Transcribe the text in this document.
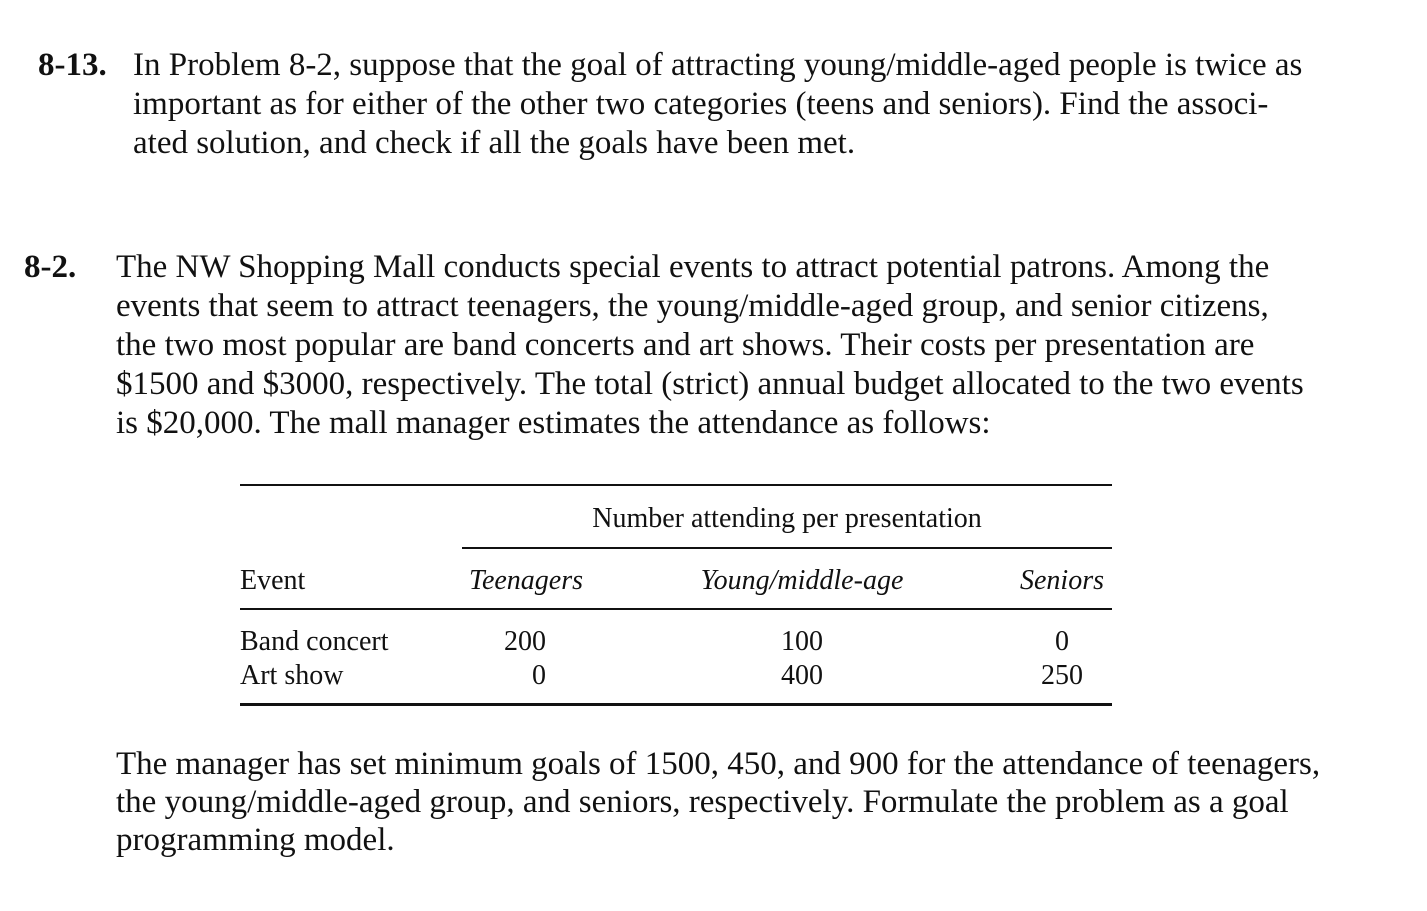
8-13. In Problem 8-2, suppose that the goal of attracting young/middle-aged people is twice as
important as for either of the other two categories (teens and seniors). Find the associ-
ated solution, and check if all the goals have been met.
8-2. The NW Shopping Mall conducts special events to attract potential patrons. Among the
events that seem to attract teenagers, the young/middle-aged group, and senior citizens,
the two most popular are band concerts and art shows. Their costs per presentation are
$1500 and $3000, respectively. The total (strict) annual budget allocated to the two events
is $20,000. The mall manager estimates the attendance as follows:
Number attending per presentation
Event	Teenagers	Young/middle-age	Seniors
Band concert	200	100	0
Art show	0	400	250
The manager has set minimum goals of 1500, 450, and 900 for the attendance of teenagers,
the young/middle-aged group, and seniors, respectively. Formulate the problem as a goal
programming model.
